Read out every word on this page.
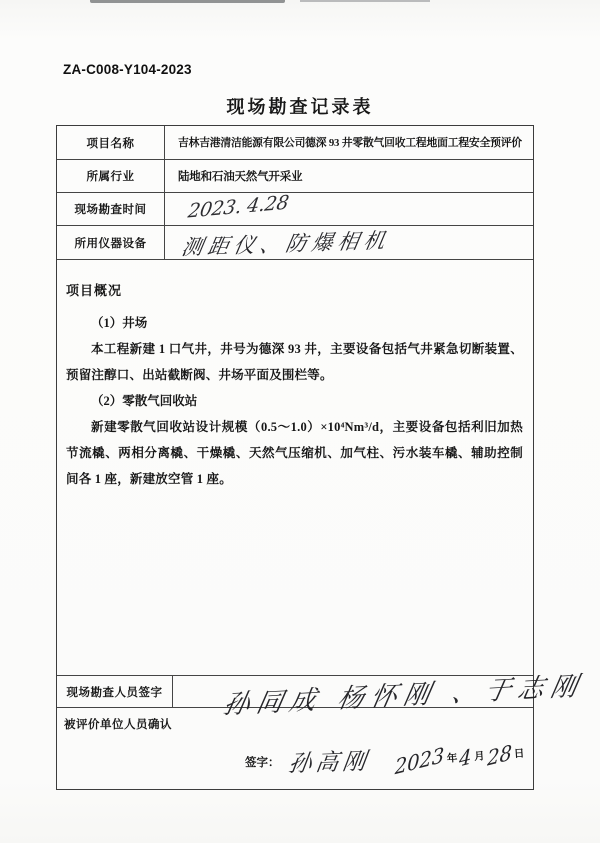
ZA-C008-Y104-2023
现场勘查记录表
项目名称	吉林吉港清洁能源有限公司德深 93 井零散气回收工程地面工程安全预评价
所属行业	陆地和石油天然气开采业
现场勘查时间	2023. 4.28
所用仪器设备	测距仪、防爆相机
项目概况
（1）井场

本工程新建 1 口气井，井号为德深 93 井，主要设备包括气井紧急切断装置、预留注醇口、出站截断阀、井场平面及围栏等。

（2）零散气回收站

新建零散气回收站设计规模（0.5～1.0）×10⁴Nm³/d，主要设备包括利旧加热节流橇、两相分离橇、干燥橇、天然气压缩机、加气柱、污水装车橇、辅助控制间各 1 座，新建放空管 1 座。

现场勘查人员签字	孙同成 杨怀刚 、于志刚
被评价单位人员确认
签字： 孙高刚 2023 年 4 月 28 日
